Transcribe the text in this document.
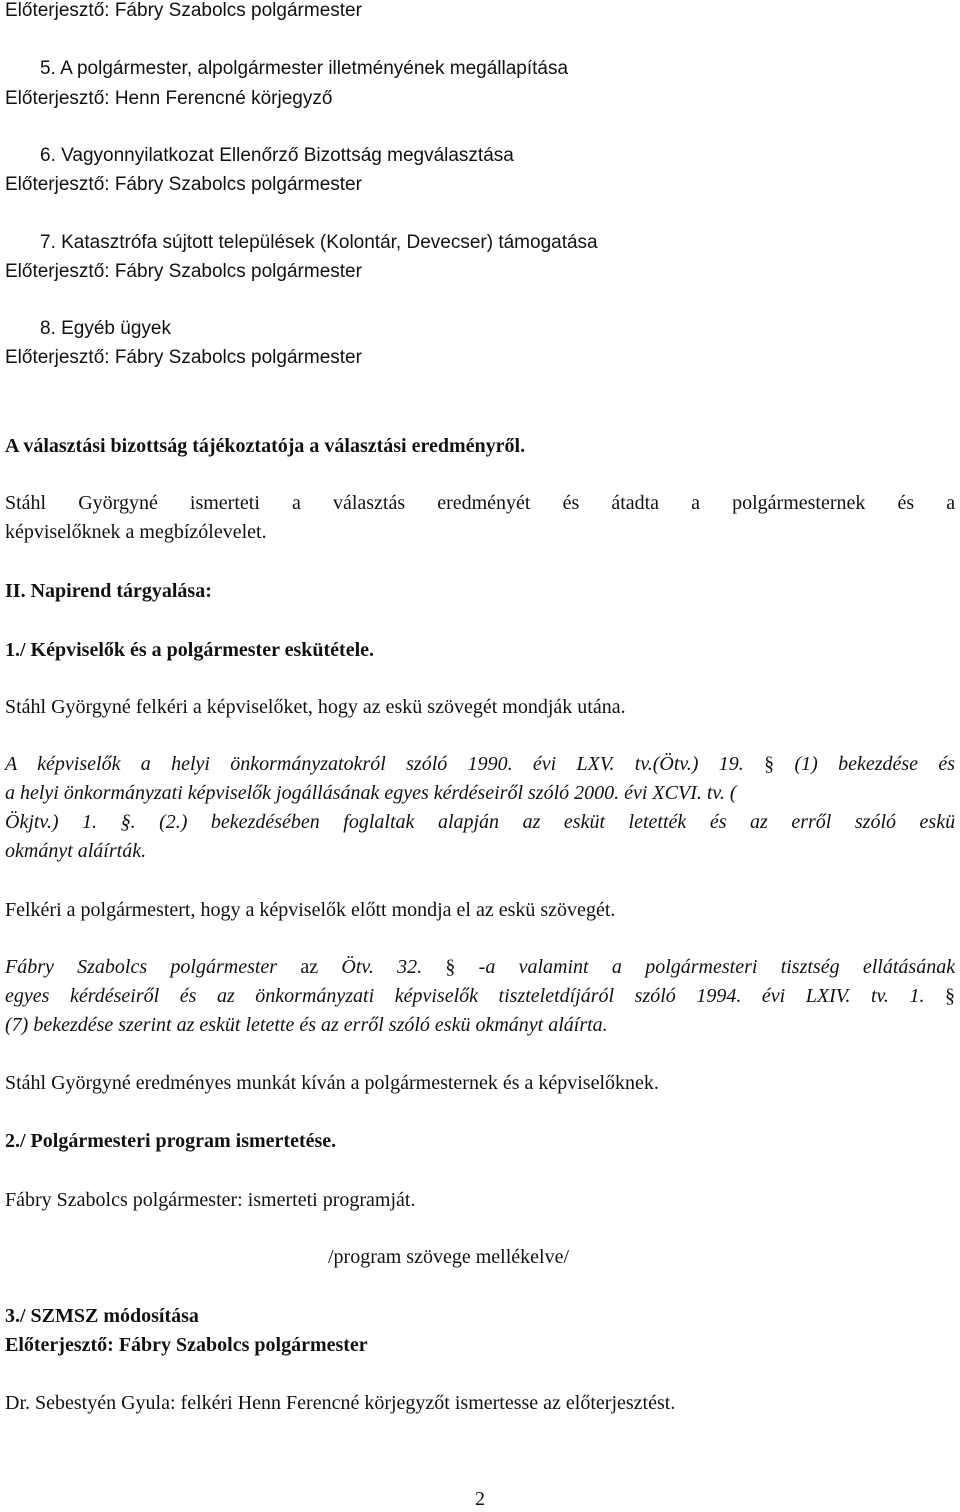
Előterjesztő: Fábry Szabolcs polgármester
5. A polgármester, alpolgármester illetményének megállapítása
Előterjesztő: Henn Ferencné körjegyző
6. Vagyonnyilatkozat Ellenőrző Bizottság megválasztása
Előterjesztő: Fábry Szabolcs polgármester
7. Katasztrófa sújtott települések (Kolontár, Devecser) támogatása
Előterjesztő: Fábry Szabolcs polgármester
8. Egyéb ügyek
Előterjesztő: Fábry Szabolcs polgármester
A választási bizottság tájékoztatója a választási eredményről.
Stáhl Györgyné ismerteti a választás eredményét és átadta a polgármesternek és a
képviselőknek a megbízólevelet.
II. Napirend tárgyalása:
1./ Képviselők és a polgármester eskütétele.
Stáhl Györgyné felkéri a képviselőket, hogy az eskü szövegét mondják utána.
A képviselők a helyi önkormányzatokról szóló 1990. évi LXV. tv.(Ötv.) 19. § (1) bekezdése és
a helyi önkormányzati képviselők jogállásának egyes kérdéseiről szóló 2000. évi XCVI. tv. (
Ökjtv.) 1. §. (2.) bekezdésében foglaltak alapján az esküt letették és az erről szóló eskü
okmányt aláírták.
Felkéri a polgármestert, hogy a képviselők előtt mondja el az eskü szövegét.
Fábry Szabolcs polgármester az Ötv. 32. § -a valamint a polgármesteri tisztség ellátásának
egyes kérdéseiről és az önkormányzati képviselők tiszteletdíjáról szóló 1994. évi LXIV. tv. 1. §
(7) bekezdése szerint az esküt letette és az erről szóló eskü okmányt aláírta.
Stáhl Györgyné eredményes munkát kíván a polgármesternek és a képviselőknek.
2./ Polgármesteri program ismertetése.
Fábry Szabolcs polgármester: ismerteti programját.
/program szövege mellékelve/
3./ SZMSZ módosítása
Előterjesztő: Fábry Szabolcs polgármester
Dr. Sebestyén Gyula: felkéri Henn Ferencné körjegyzőt ismertesse az előterjesztést.
2
